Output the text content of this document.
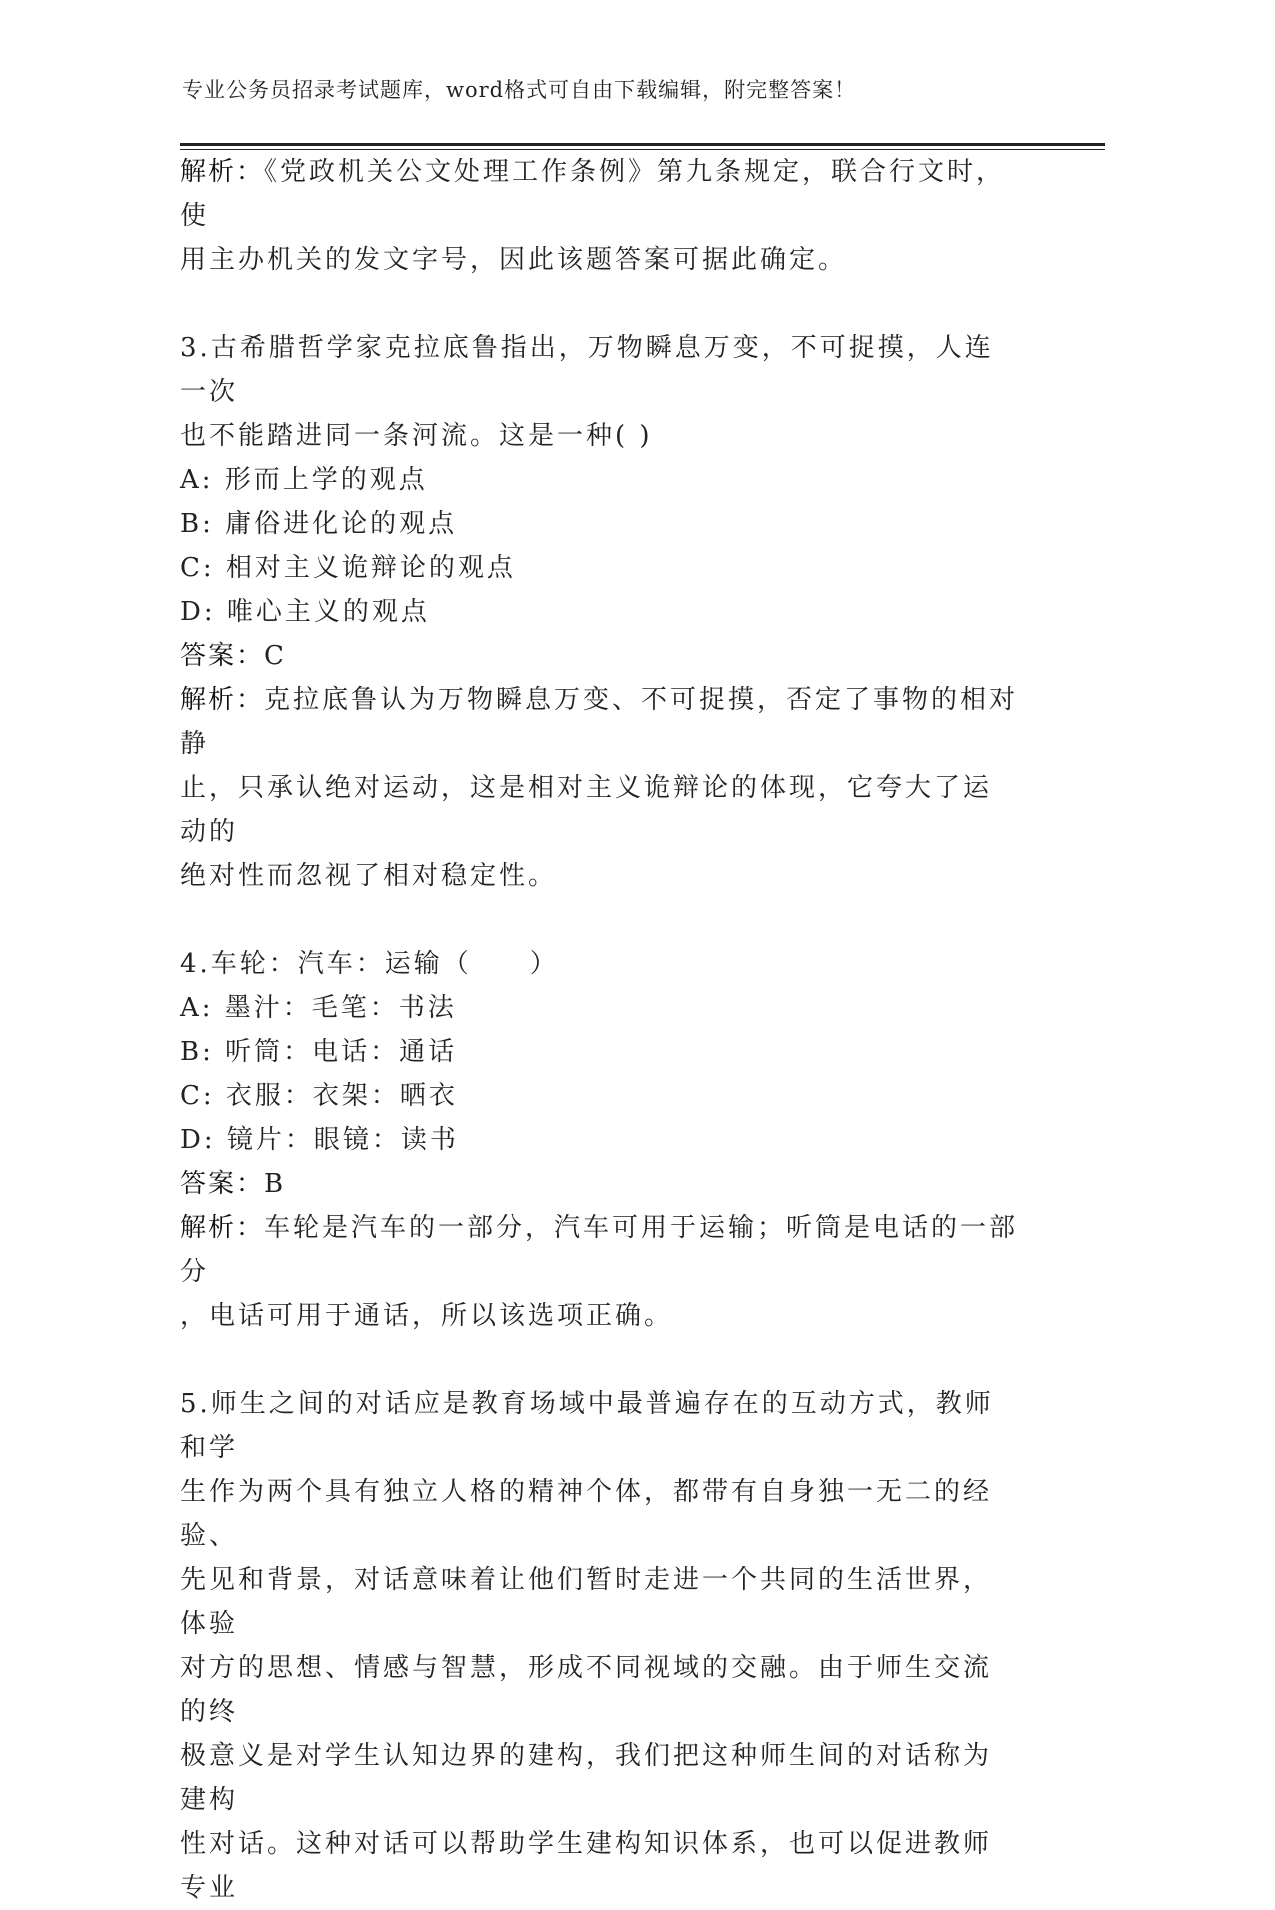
专业公务员招录考试题库，word格式可自由下载编辑，附完整答案！
解析：《党政机关公文处理工作条例》第九条规定，联合行文时，使
用主办机关的发文字号，因此该题答案可据此确定。
3.古希腊哲学家克拉底鲁指出，万物瞬息万变，不可捉摸，人连一次
也不能踏进同一条河流。这是一种( )
A: 形而上学的观点
B: 庸俗进化论的观点
C: 相对主义诡辩论的观点
D: 唯心主义的观点
答案：C
解析：克拉底鲁认为万物瞬息万变、不可捉摸，否定了事物的相对静
止，只承认绝对运动，这是相对主义诡辩论的体现，它夸大了运动的
绝对性而忽视了相对稳定性。
4.车轮：汽车：运输（　　）
A: 墨汁：毛笔：书法
B: 听筒：电话：通话
C: 衣服：衣架：晒衣
D: 镜片：眼镜：读书
答案：B
解析：车轮是汽车的一部分，汽车可用于运输；听筒是电话的一部分
，电话可用于通话，所以该选项正确。
5.师生之间的对话应是教育场域中最普遍存在的互动方式，教师和学
生作为两个具有独立人格的精神个体，都带有自身独一无二的经验、
先见和背景，对话意味着让他们暂时走进一个共同的生活世界，体验
对方的思想、情感与智慧，形成不同视域的交融。由于师生交流的终
极意义是对学生认知边界的建构，我们把这种师生间的对话称为建构
性对话。这种对话可以帮助学生建构知识体系，也可以促进教师专业
